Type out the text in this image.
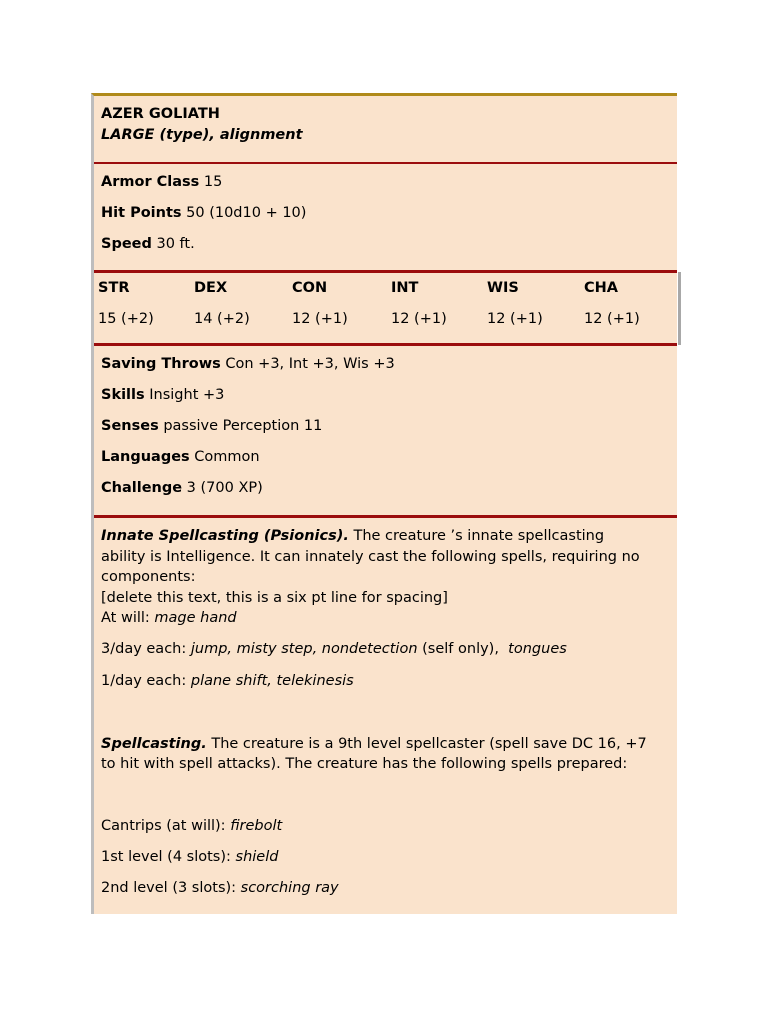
AZER GOLIATH
LARGE (type), alignment
Armor Class 15
Hit Points 50 (10d10 + 10)
Speed 30 ft.
STR	DEX	CON	INT	WIS	CHA
15 (+2)	14 (+2)	12 (+1)	12 (+1)	12 (+1)	12 (+1)
Saving Throws Con +3, Int +3, Wis +3
Skills Insight +3
Senses passive Perception 11
Languages Common
Challenge 3 (700 XP)
Innate Spellcasting (Psionics). The creature ’s innate spellcasting
ability is Intelligence. It can innately cast the following spells, requiring no
components:
[delete this text, this is a six pt line for spacing]
At will: mage hand
3/day each: jump, misty step, nondetection (self only), tongues
1/day each: plane shift, telekinesis
Spellcasting. The creature is a 9th level spellcaster (spell save DC 16, +7
to hit with spell attacks). The creature has the following spells prepared:
Cantrips (at will): firebolt
1st level (4 slots): shield
2nd level (3 slots): scorching ray
